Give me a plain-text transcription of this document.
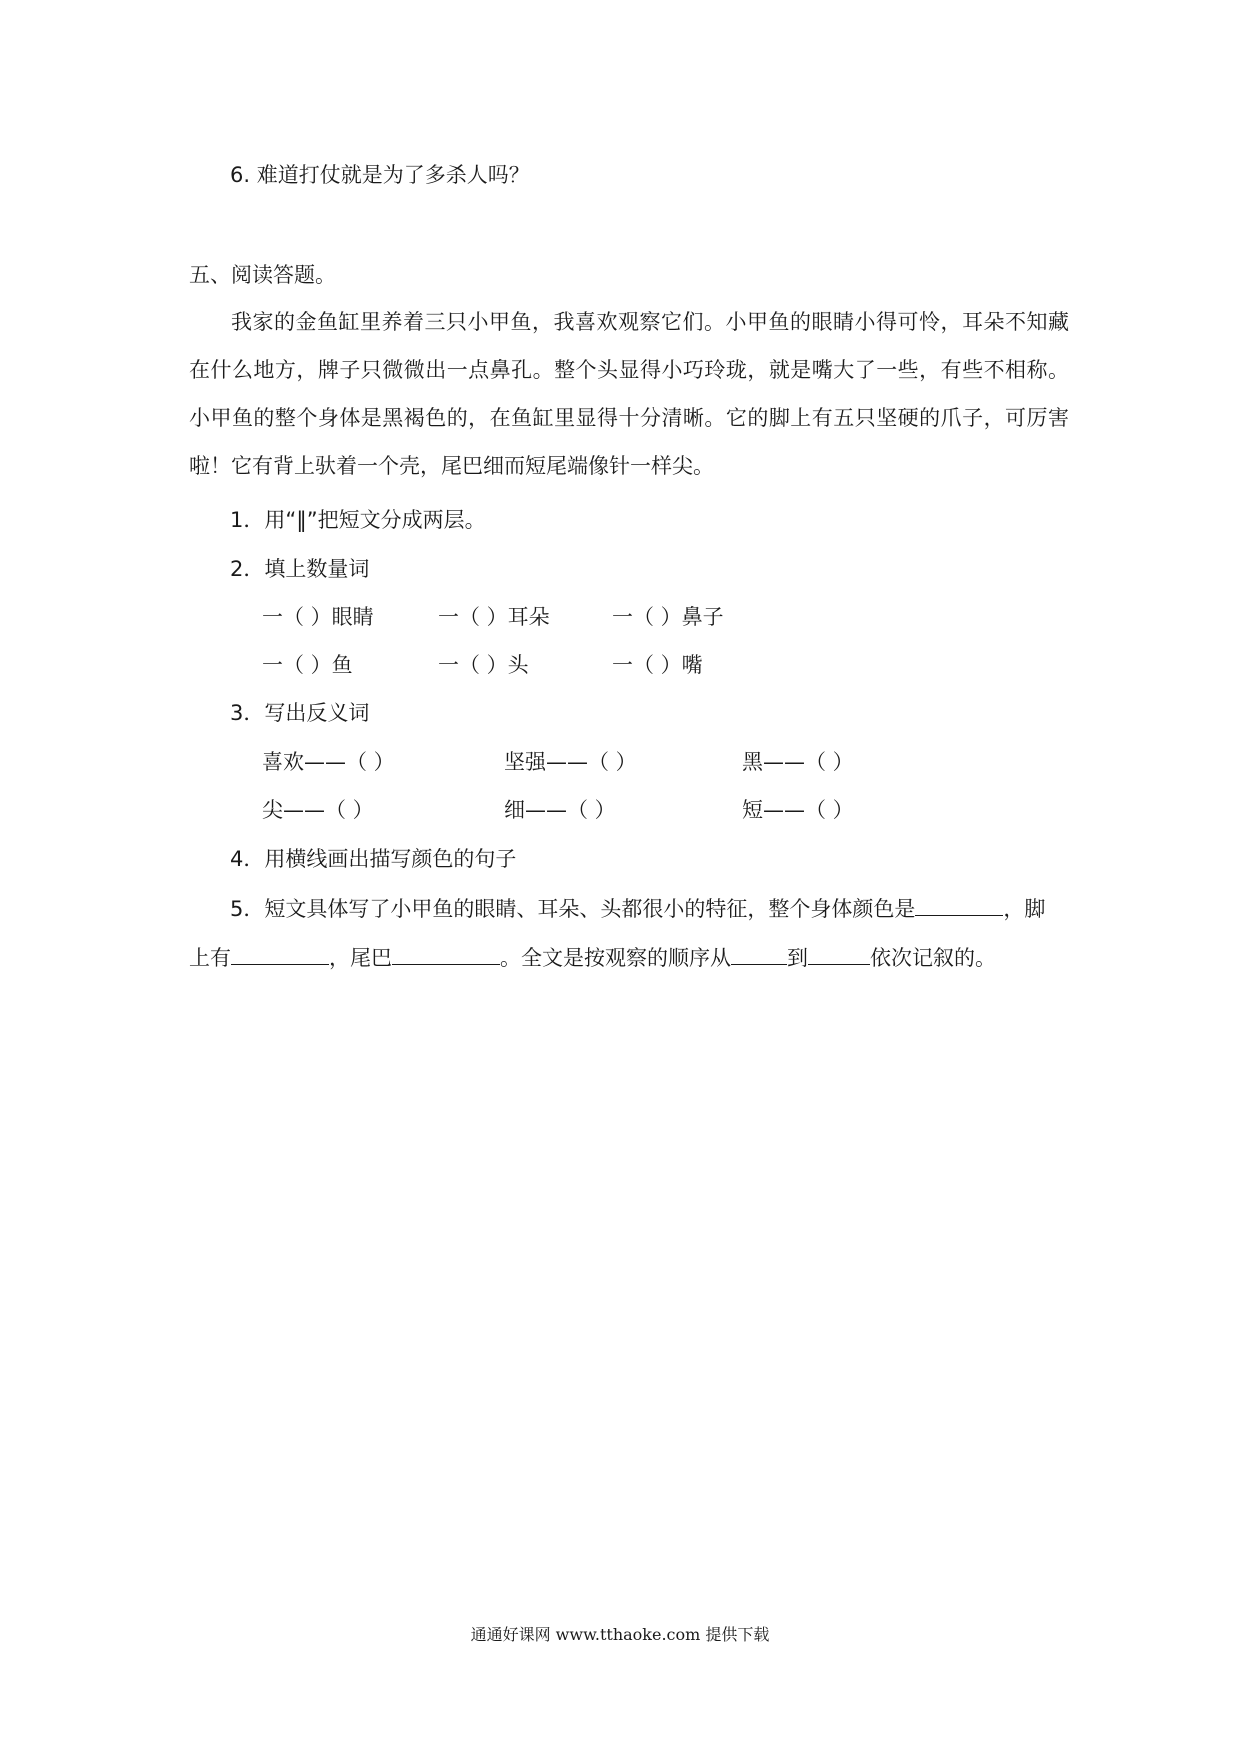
6. 难道打仗就是为了多杀人吗？
五、阅读答题。
我家的金鱼缸里养着三只小甲鱼，我喜欢观察它们。小甲鱼的眼睛小得可怜，耳朵不知藏在什么地方，牌子只微微出一点鼻孔。整个头显得小巧玲珑，就是嘴大了一些，有些不相称。小甲鱼的整个身体是黑褐色的，在鱼缸里显得十分清晰。它的脚上有五只坚硬的爪子，可厉害啦！它有背上驮着一个壳，尾巴细而短尾端像针一样尖。
1．用“‖”把短文分成两层。
2．填上数量词
一（ ）眼睛	一（ ）耳朵	一（ ）鼻子
一（ ）鱼	一（ ）头	一（ ）嘴
3．写出反义词
喜欢——（ ）	坚强——（ ）	黑——（ ）
尖——（ ）	细——（ ）	短——（ ）
4．用横线画出描写颜色的句子
5．短文具体写了小甲鱼的眼睛、耳朵、头都很小的特征，整个身体颜色是	，脚
上有	，尾巴	。全文是按观察的顺序从	到	依次记叙的。
通通好课网 www.tthaoke.com 提供下载
